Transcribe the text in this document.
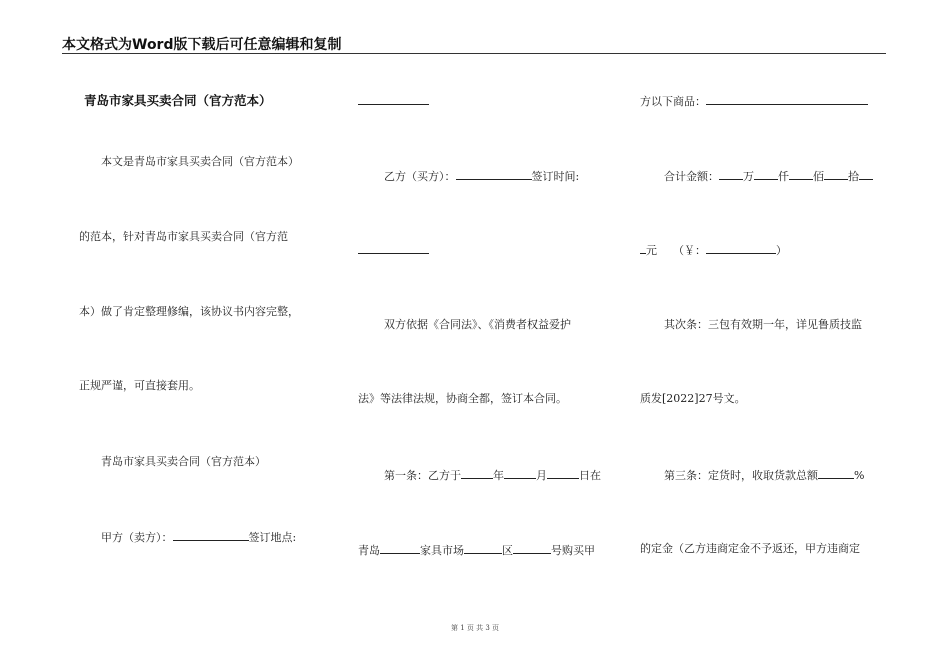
本文格式为Word版下载后可任意编辑和复制
青岛市家具买卖合同（官方范本）
本文是青岛市家具买卖合同（官方范本）
的范本，针对青岛市家具买卖合同（官方范
本）做了肯定整理修编，该协议书内容完整，
正规严谨，可直接套用。
青岛市家具买卖合同（官方范本）
甲方（卖方）：	签订地点:
乙方（买方）：	签订时间:
双方依据《合同法》、《消费者权益爱护
法》等法律法规，协商全都，签订本合同。
第一条：乙方于	年	月	日在
青岛	家具市场	区	号购买甲
方以下商品：
合计金额： 万 仟 佰 拾
元 （￥：	）
其次条：三包有效期一年，详见鲁质技监
质发[2022]27号文。
第三条：定货时，收取货款总额	%
的定金（乙方违商定金不予返还，甲方违商定
第 1 页 共 3 页
